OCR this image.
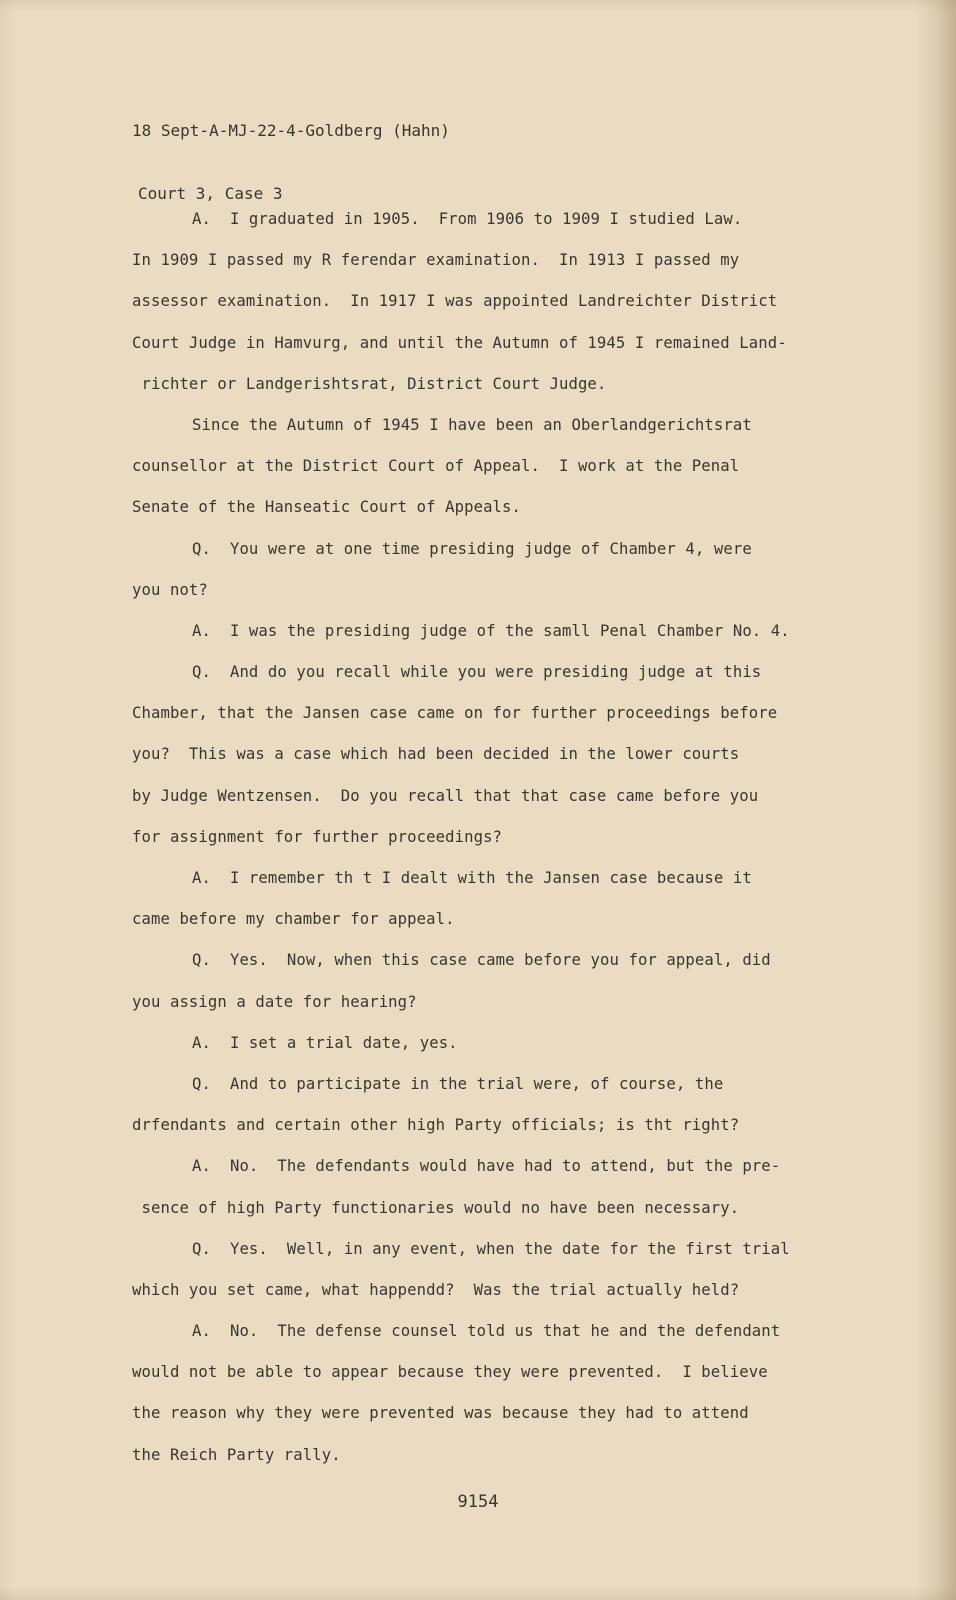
18 Sept-A-MJ-22-4-Goldberg (Hahn)

Court 3, Case 3

A.  I graduated in 1905.  From 1906 to 1909 I studied Law.
In 1909 I passed my R ferendar examination.  In 1913 I passed my
assessor examination.  In 1917 I was appointed Landreichter District
Court Judge in Hamvurg, and until the Autumn of 1945 I remained Land-
richter or Landgerishtsrat, District Court Judge.
Since the Autumn of 1945 I have been an Oberlandgerichtsrat
counsellor at the District Court of Appeal.  I work at the Penal
Senate of the Hanseatic Court of Appeals.
Q.  You were at one time presiding judge of Chamber 4, were
you not?
A.  I was the presiding judge of the samll Penal Chamber No. 4.
Q.  And do you recall while you were presiding judge at this
Chamber, that the Jansen case came on for further proceedings before
you?  This was a case which had been decided in the lower courts
by Judge Wentzensen.  Do you recall that that case came before you
for assignment for further proceedings?
A.  I remember th t I dealt with the Jansen case because it
came before my chamber for appeal.
Q.  Yes.  Now, when this case came before you for appeal, did
you assign a date for hearing?
A.  I set a trial date, yes.
Q.  And to participate in the trial were, of course, the
drfendants and certain other high Party officials; is tht right?
A.  No.  The defendants would have had to attend, but the pre-
sence of high Party functionaries would no have been necessary.
Q.  Yes.  Well, in any event, when the date for the first trial
which you set came, what happendd?  Was the trial actually held?
A.  No.  The defense counsel told us that he and the defendant
would not be able to appear because they were prevented.  I believe
the reason why they were prevented was because they had to attend
the Reich Party rally.
9154
